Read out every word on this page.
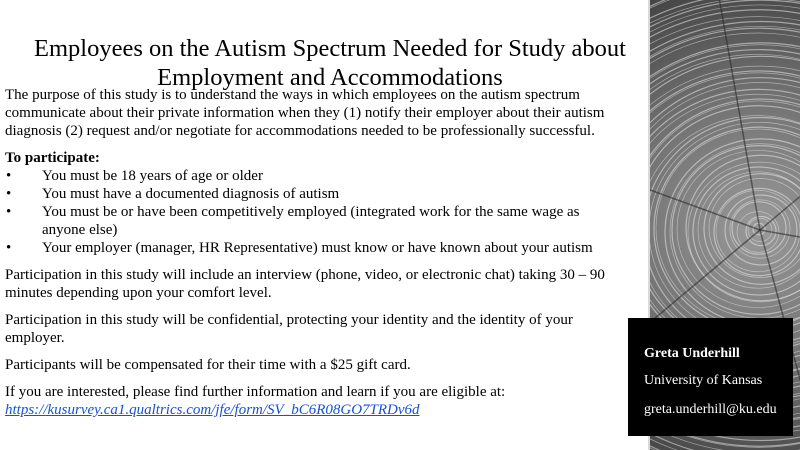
Employees on the Autism Spectrum Needed for Study about Employment and Accommodations

The purpose of this study is to understand the ways in which employees on the autism spectrum communicate about their private information when they (1) notify their employer about their autism diagnosis (2) request and/or negotiate for accommodations needed to be professionally successful.

To participate:

• You must be 18 years of age or older
• You must have a documented diagnosis of autism
• You must be or have been competitively employed (integrated work for the same wage as anyone else)
• Your employer (manager, HR Representative) must know or have known about your autism

Participation in this study will include an interview (phone, video, or electronic chat) taking 30 – 90 minutes depending upon your comfort level.

Participation in this study will be confidential, protecting your identity and the identity of your employer.

Participants will be compensated for their time with a $25 gift card.

If you are interested, please find further information and learn if you are eligible at:

https://kusurvey.ca1.qualtrics.com/jfe/form/SV_bC6R08GO7TRDv6d
Greta Underhill
University of Kansas
greta.underhill@ku.edu
